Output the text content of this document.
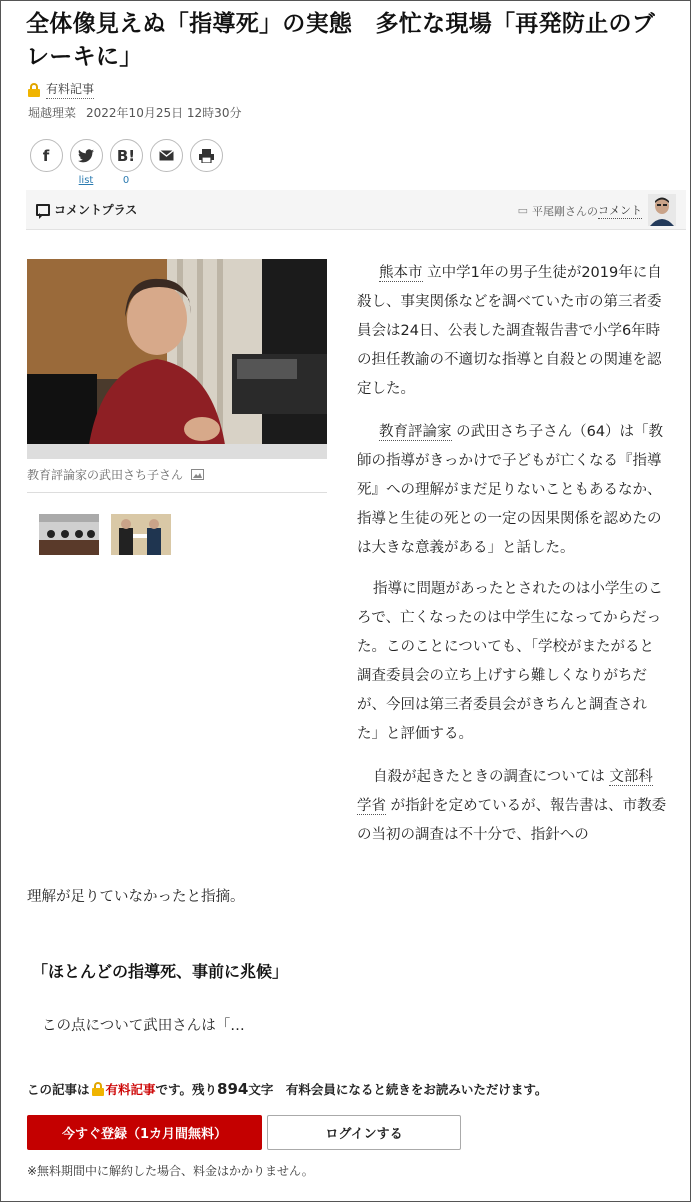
全体像見えぬ「指導死」の実態　多忙な現場「再発防止のブレーキに」
有料記事
堀越理菜 2022年10月25日 12時30分
f
list
B!
0
コメントプラス	▭ 平尾剛さんの コメント
教育評論家の武田さち子さん

熊本市 立中学1年の男子生徒が2019年に自殺し、事実関係などを調べていた市の第三者委員会は24日、公表した調査報告書で小学6年時の担任教諭の不適切な指導と自殺との関連を認定した。

教育評論家 の武田さち子さん（64）は「教師の指導がきっかけで子どもが亡くなる『指導死』への理解がまだ足りないこともあるなか、指導と生徒の死との一定の因果関係を認めたのは大きな意義がある」と話した。

指導に問題があったとされたのは小学生のころで、亡くなったのは中学生になってからだった。このことについても、「学校がまたがると調査委員会の立ち上げすら難しくなりがちだが、今回は第三者委員会がきちんと調査された」と評価する。

自殺が起きたときの調査については 文部科学省 が指針を定めているが、報告書は、市教委の当初の調査は不十分で、指針への

理解が足りていなかったと指摘。
「ほとんどの指導死、事前に兆候」

この点について武田さんは「…

この記事は 有料記事 です。残り 894 文字　有料会員になると続きをお読みいただけます。
今すぐ登録（1カ月間無料）	ログインする

※無料期間中に解約した場合、料金はかかりません。
